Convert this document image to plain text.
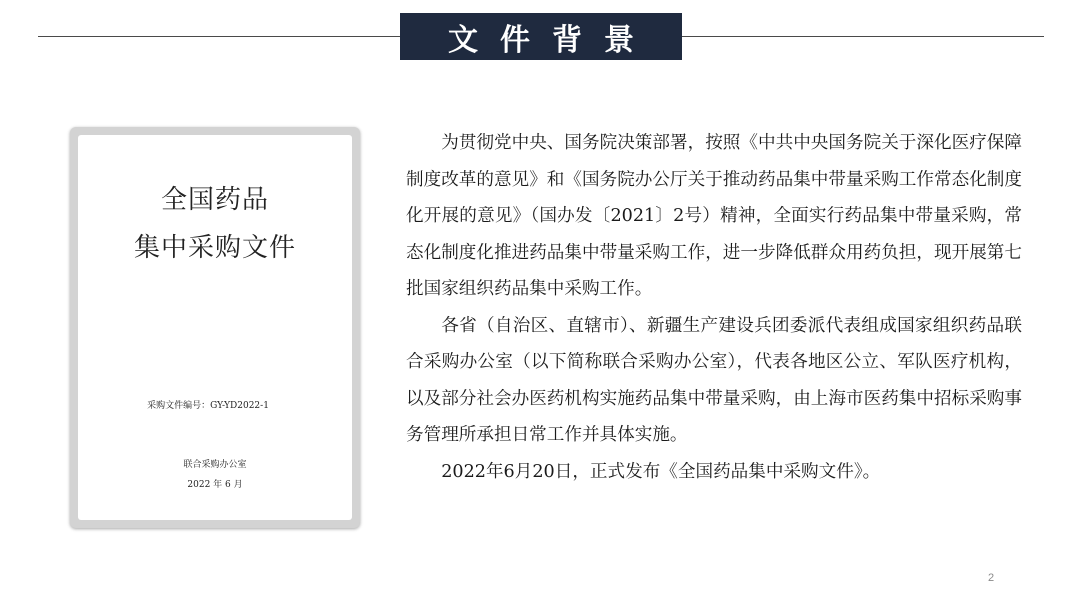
文件背景
全国药品
集中采购文件
采购文件编号：GY-YD2022-1
联合采购办公室
2022 年 6 月

为贯彻党中央、国务院决策部署，按照《中共中央国务院关于深化医疗保障制度改革的意见》和《国务院办公厅关于推动药品集中带量采购工作常态化制度化开展的意见》（国办发〔2021〕2号）精神，全面实行药品集中带量采购，常态化制度化推进药品集中带量采购工作，进一步降低群众用药负担，现开展第七批国家组织药品集中采购工作。

各省（自治区、直辖市）、新疆生产建设兵团委派代表组成国家组织药品联合采购办公室（以下简称联合采购办公室），代表各地区公立、军队医疗机构，以及部分社会办医药机构实施药品集中带量采购，由上海市医药集中招标采购事务管理所承担日常工作并具体实施。

2022年6月20日，正式发布《全国药品集中采购文件》。

2
